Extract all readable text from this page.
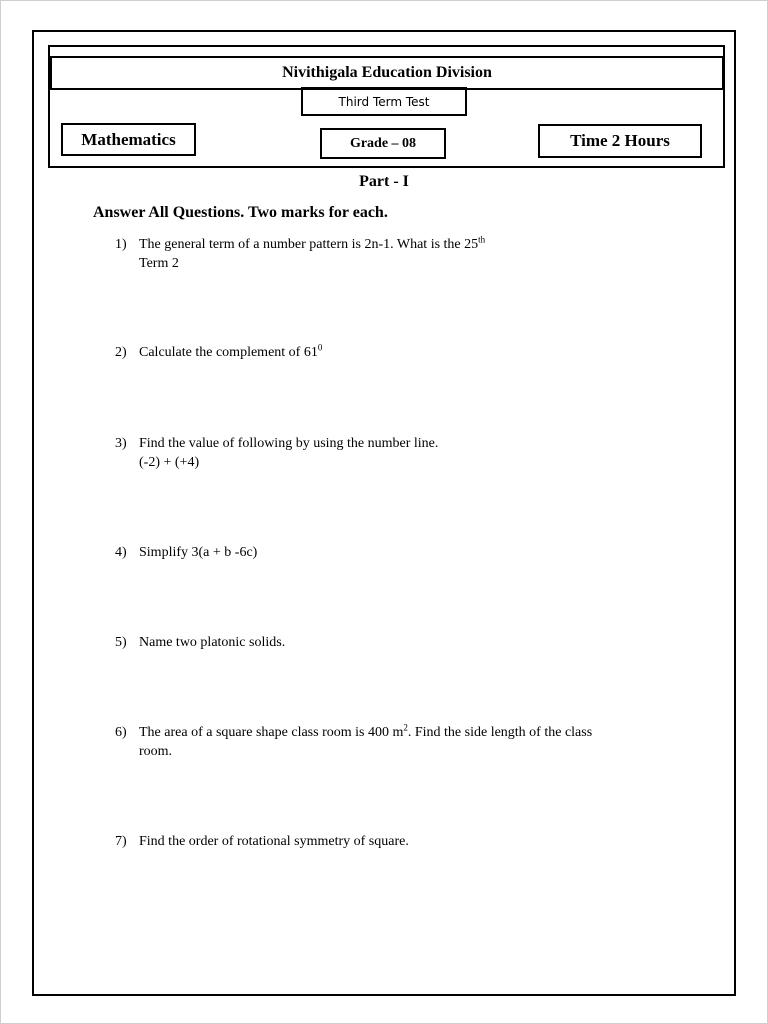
Nivithigala Education Division
Third Term Test
Mathematics	Grade – 08	Time 2 Hours
Part - I
Answer All Questions. Two marks for each.
1) The general term of a number pattern is 2n-1. What is the 25th
Term 2
2) Calculate the complement of $61^0$
3) Find the value of following by using the number line.
(-2) + (+4)
4) Simplify 3(a + b -6c)
5) Name two platonic solids.
6) The area of a square shape class room is 400 $m^2$. Find the side length of the class
room.
7) Find the order of rotational symmetry of square.
